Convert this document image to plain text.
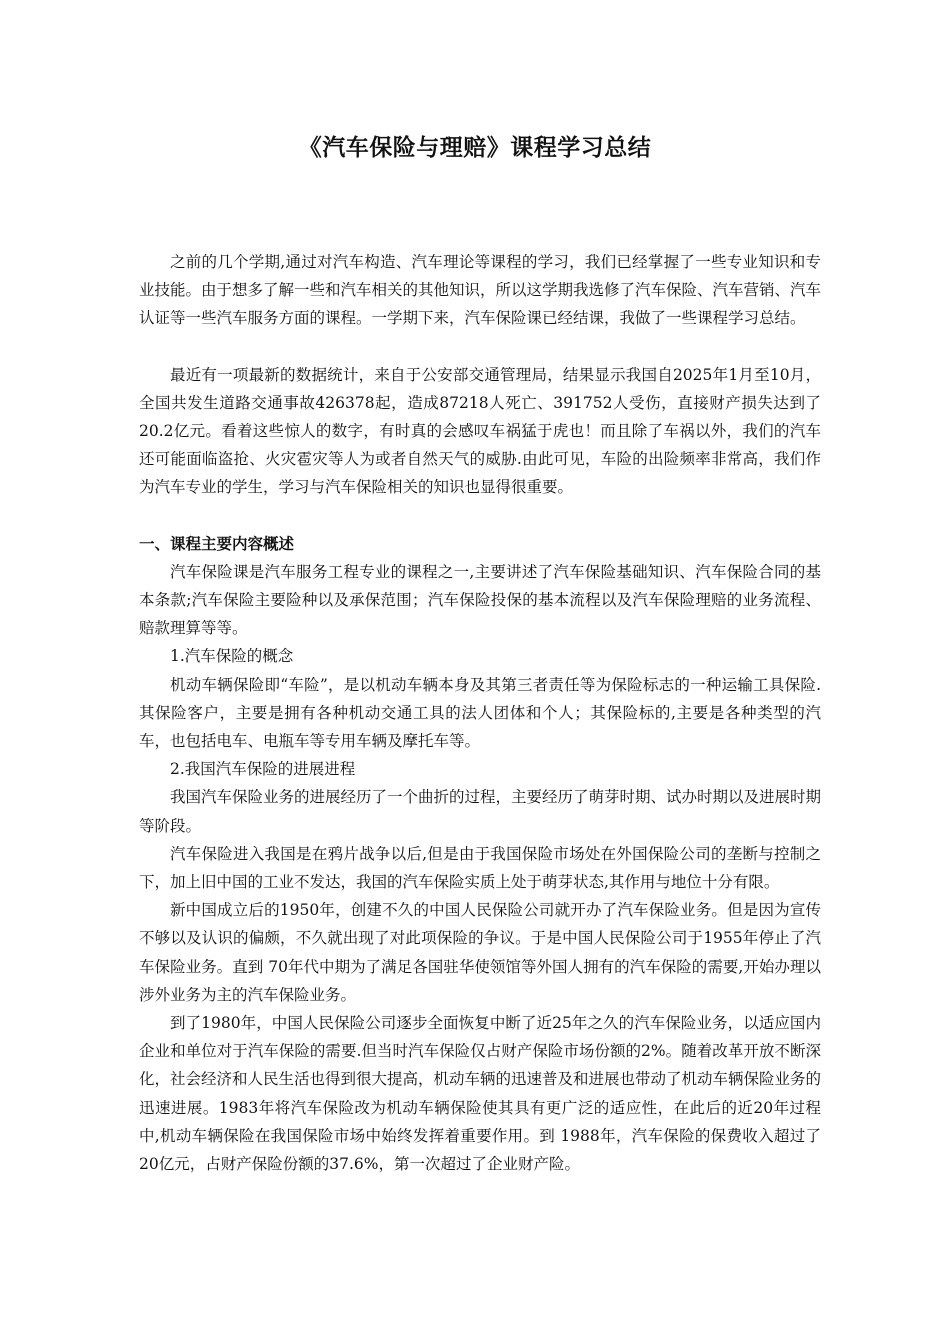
《汽车保险与理赔》课程学习总结

之前的几个学期,通过对汽车构造、汽车理论等课程的学习，我们已经掌握了一些专业知识和专业技能。由于想多了解一些和汽车相关的其他知识，所以这学期我选修了汽车保险、汽车营销、汽车认证等一些汽车服务方面的课程。一学期下来，汽车保险课已经结课，我做了一些课程学习总结。

最近有一项最新的数据统计，来自于公安部交通管理局，结果显示我国自2025年1月至10月，全国共发生道路交通事故426378起，造成87218人死亡、391752人受伤，直接财产损失达到了20.2亿元。看着这些惊人的数字，有时真的会感叹车祸猛于虎也！而且除了车祸以外，我们的汽车还可能面临盗抢、火灾雹灾等人为或者自然天气的威胁.由此可见，车险的出险频率非常高，我们作为汽车专业的学生，学习与汽车保险相关的知识也显得很重要。

一、课程主要内容概述

汽车保险课是汽车服务工程专业的课程之一,主要讲述了汽车保险基础知识、汽车保险合同的基本条款;汽车保险主要险种以及承保范围；汽车保险投保的基本流程以及汽车保险理赔的业务流程、赔款理算等等。

1.汽车保险的概念

机动车辆保险即“车险”，是以机动车辆本身及其第三者责任等为保险标志的一种运输工具保险.其保险客户，主要是拥有各种机动交通工具的法人团体和个人；其保险标的,主要是各种类型的汽车，也包括电车、电瓶车等专用车辆及摩托车等。

2.我国汽车保险的进展进程

我国汽车保险业务的进展经历了一个曲折的过程，主要经历了萌芽时期、试办时期以及进展时期等阶段。

汽车保险进入我国是在鸦片战争以后,但是由于我国保险市场处在外国保险公司的垄断与控制之下，加上旧中国的工业不发达，我国的汽车保险实质上处于萌芽状态,其作用与地位十分有限。

新中国成立后的1950年，创建不久的中国人民保险公司就开办了汽车保险业务。但是因为宣传不够以及认识的偏颇，不久就出现了对此项保险的争议。于是中国人民保险公司于1955年停止了汽车保险业务。直到 70年代中期为了满足各国驻华使领馆等外国人拥有的汽车保险的需要,开始办理以涉外业务为主的汽车保险业务。

到了1980年，中国人民保险公司逐步全面恢复中断了近25年之久的汽车保险业务，以适应国内企业和单位对于汽车保险的需要.但当时汽车保险仅占财产保险市场份额的2%。随着改革开放不断深化，社会经济和人民生活也得到很大提高，机动车辆的迅速普及和进展也带动了机动车辆保险业务的迅速进展。1983年将汽车保险改为机动车辆保险使其具有更广泛的适应性，在此后的近20年过程中,机动车辆保险在我国保险市场中始终发挥着重要作用。到 1988年，汽车保险的保费收入超过了20亿元，占财产保险份额的37.6%，第一次超过了企业财产险。
